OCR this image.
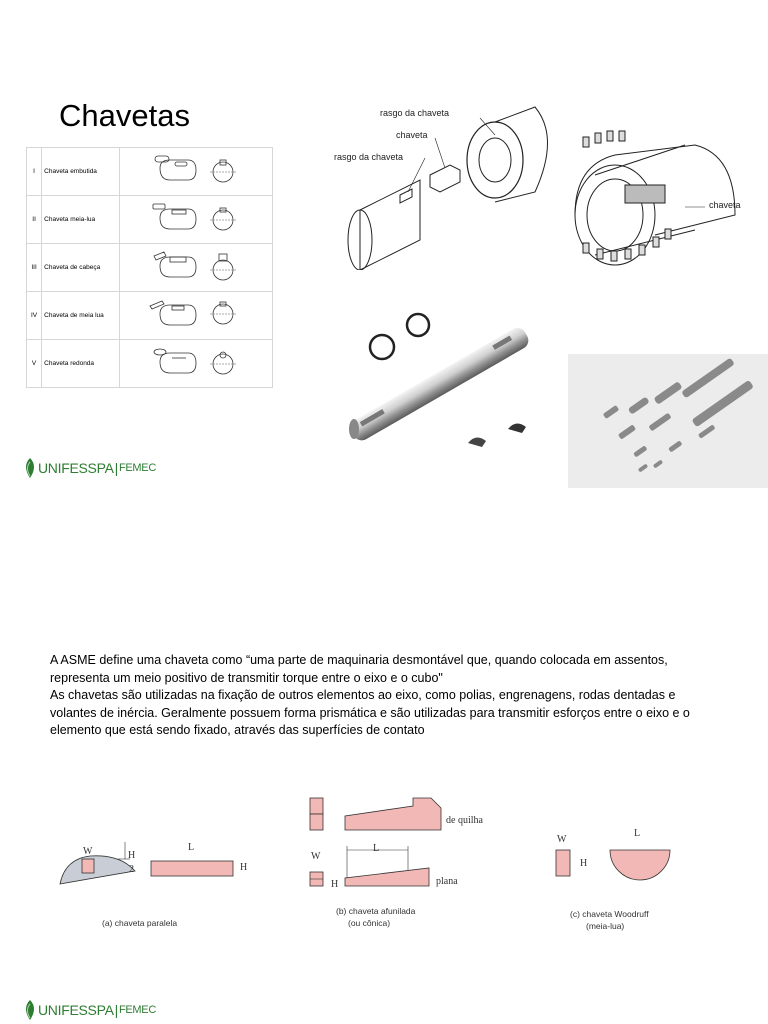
Chavetas
I	Chaveta embutida	
II	Chaveta meia-lua	
III	Chaveta de cabeça	
IV	Chaveta de meia lua	
V	Chaveta redonda	
rasgo da chaveta
chaveta
rasgo da chaveta
chaveta
UNIFESSPA | FEMEC

A ASME define uma chaveta como “uma parte de maquinaria desmontável que, quando colocada em assentos, representa um meio positivo de transmitir torque entre o eixo e o cubo"

As chavetas são utilizadas na fixação de outros elementos ao eixo, como polias, engrenagens, rodas dentadas e volantes de inércia. Geralmente possuem forma prismática e são utilizadas para transmitir esforços entre o eixo e o elemento que está sendo fixado, através das superfícies de contato

W	H
2
L
H
(a) chaveta paralela
de quilha
W
L
H	plana
(b) chaveta afunilada
(ou cônica)
W
L
H
(c) chaveta Woodruff
(meia-lua)
UNIFESSPA | FEMEC
